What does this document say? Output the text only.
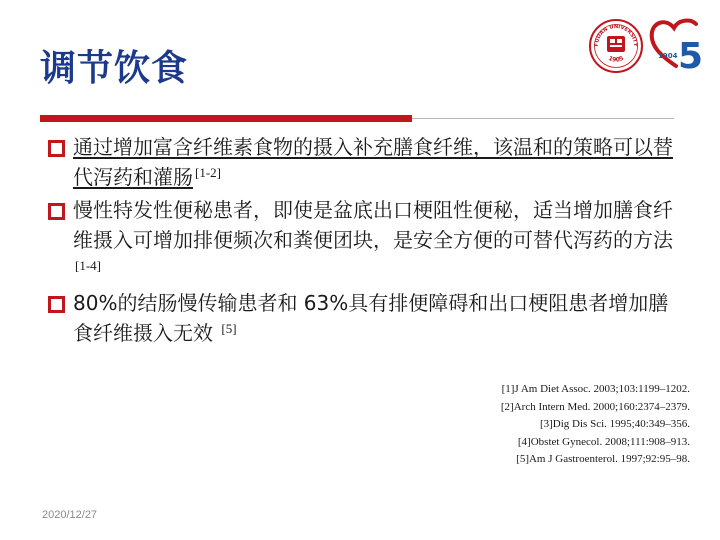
调节饮食
FUDAN UNIVERSITY
1905	1904 5
通过增加富含纤维素食物的摄入补充膳食纤维，该温和的策略可以替代泻药和灌肠 [1-2]
慢性特发性便秘患者，即使是盆底出口梗阻性便秘，适当增加膳食纤维摄入可增加排便频次和粪便团块，是安全方便的可替代泻药的方法 [1-4]
80%的结肠慢传输患者和 63%具有排便障碍和出口梗阻患者增加膳食纤维摄入无效 [5]
[1]J Am Diet Assoc. 2003;103:1199–1202.
[2]Arch Intern Med. 2000;160:2374–2379.
[3]Dig Dis Sci. 1995;40:349–356.
[4]Obstet Gynecol. 2008;111:908–913.
[5]Am J Gastroenterol. 1997;92:95–98.
2020/12/27
